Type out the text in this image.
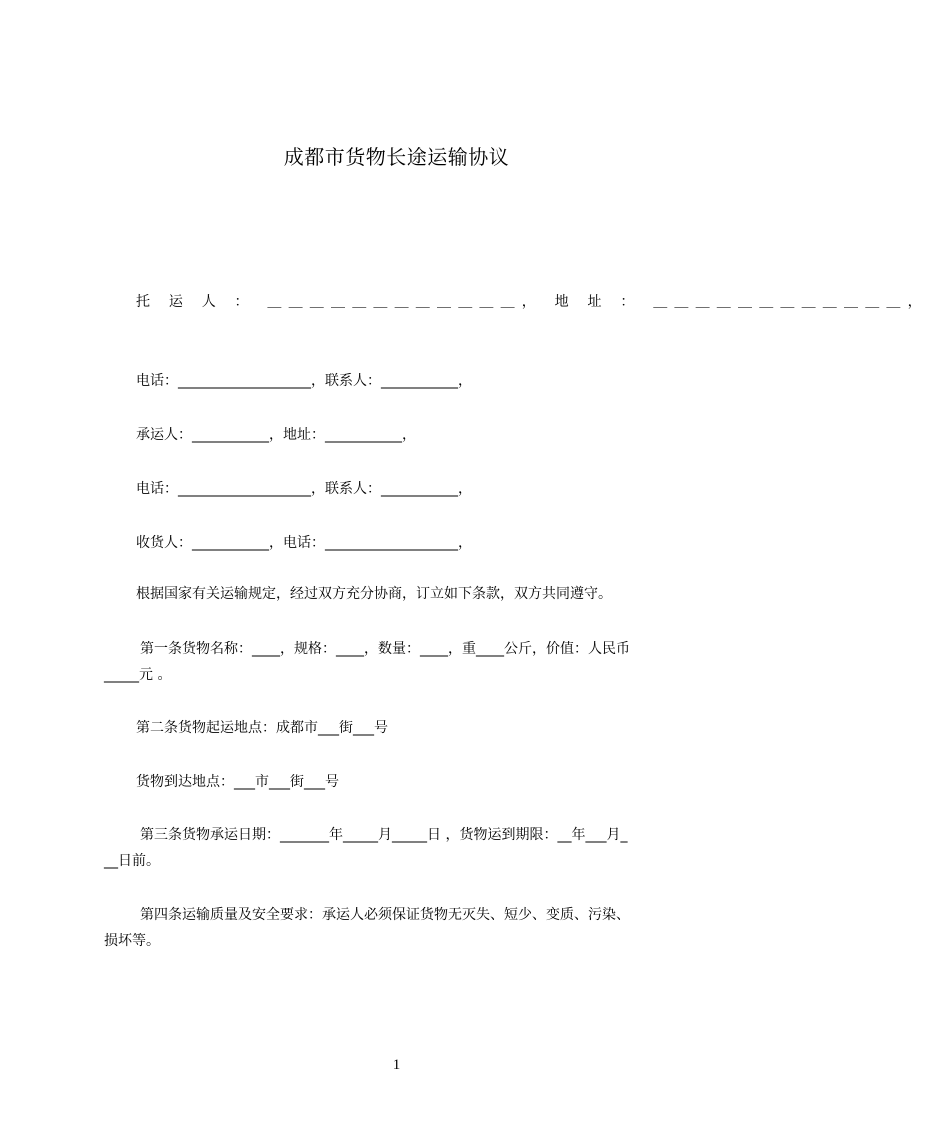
成都市货物长途运输协议
托 运 人 ： ＿＿＿＿＿＿＿＿＿＿＿＿， 地 址 ： ＿＿＿＿＿＿＿＿＿＿＿＿，
电话：___________________，联系人：___________，
承运人：___________，地址：___________，
电话：___________________，联系人：___________，
收货人：___________，电话：___________________，
根据国家有关运输规定，经过双方充分协商，订立如下条款，双方共同遵守。
第一条货物名称：____，规格：____，数量：____，重____公斤，价值：人民币
_____元 。
第二条货物起运地点：成都市___街___号
货物到达地点：___市___街___号
第三条货物承运日期：_______年_____月_____日 ，货物运到期限：__年___月_
__日前。
第四条运输质量及安全要求：承运人必须保证货物无灭失、短少、变质、污染、
损坏等。
1
